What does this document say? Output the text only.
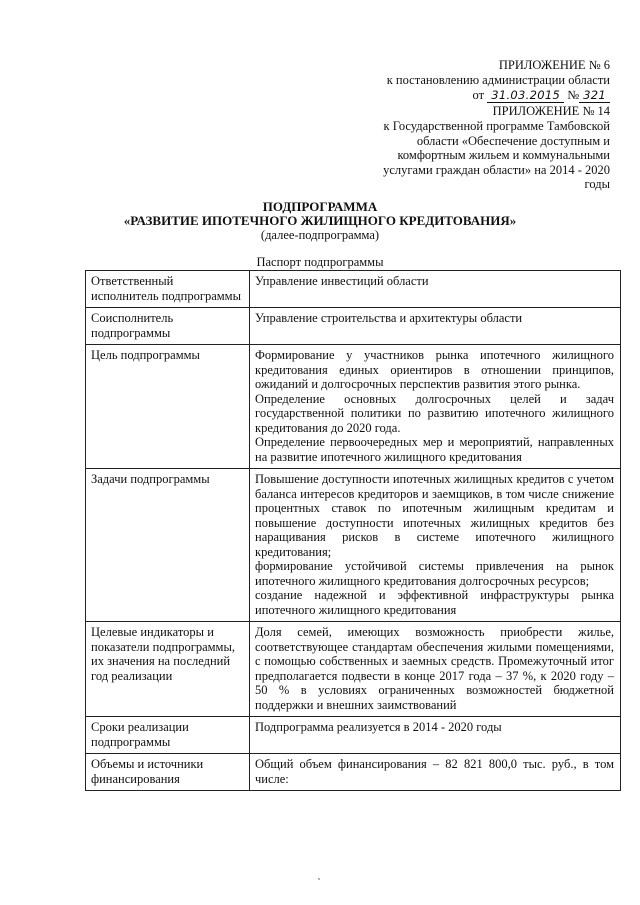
ПРИЛОЖЕНИЕ № 6
к постановлению администрации области
от 31.03.2015 № 321
ПРИЛОЖЕНИЕ № 14
к Государственной программе Тамбовской области «Обеспечение доступным и комфортным жильем и коммунальными услугами граждан области» на 2014 - 2020 годы
ПОДПРОГРАММА
«РАЗВИТИЕ ИПОТЕЧНОГО ЖИЛИЩНОГО КРЕДИТОВАНИЯ»
(далее-подпрограмма)
Паспорт подпрограммы
Ответственный исполнитель подпрограммы	Управление инвестиций области

Соисполнитель подпрограммы	Управление строительства и архитектуры области

Цель подпрограммы	Формирование у участников рынка ипотечного жилищного кредитования единых ориентиров в отношении принципов, ожиданий и долгосрочных перспектив развития этого рынка.
Определение основных долгосрочных целей и задач государственной политики по развитию ипотечного жилищного кредитования до 2020 года.
Определение первоочередных мер и мероприятий, направленных на развитие ипотечного жилищного кредитования

Задачи подпрограммы	Повышение доступности ипотечных жилищных кредитов с учетом баланса интересов кредиторов и заемщиков, в том числе снижение процентных ставок по ипотечным жилищным кредитам и повышение доступности ипотечных жилищных кредитов без наращивания рисков в системе ипотечного жилищного кредитования;
формирование устойчивой системы привлечения на рынок ипотечного жилищного кредитования долгосрочных ресурсов;
создание надежной и эффективной инфраструктуры рынка ипотечного жилищного кредитования

Целевые индикаторы и показатели подпрограммы, их значения на последний год реализации	Доля семей, имеющих возможность приобрести жилье, соответствующее стандартам обеспечения жилыми помещениями, с помощью собственных и заемных средств. Промежуточный итог предполагается подвести в конце 2017 года – 37 %, к 2020 году – 50 % в условиях ограниченных возможностей бюджетной поддержки и внешних заимствований

Сроки реализации подпрограммы	Подпрограмма реализуется в 2014 - 2020 годы

Объемы и источники финансирования	Общий объем финансирования – 82 821 800,0 тыс. руб., в том числе:
